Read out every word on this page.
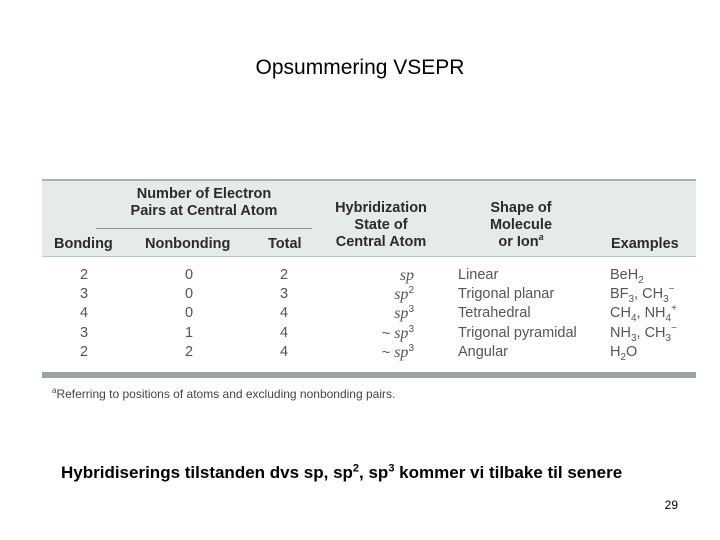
Opsummering VSEPR
Number of Electron
Pairs at Central Atom
Bonding Nonbonding	Total
Hybridization
State of
Central Atom
Shape of
Molecule
or Ion$^a$	Examples
2
3
4
3
2
0
0
0
1
2
2
3
4
4
4
sp
$sp^2$
$sp^3$
~ $sp^3$
~ $sp^3$
Linear
Trigonal planar
Tetrahedral
Trigonal pyramidal
Angular
BeH$_2$
$BF_3$, $CH_3^-$
$CH_4$, $NH_4^+$
$NH_3$, $CH_3^-$
$H_2O$
$^a$Referring to positions of atoms and excluding nonbonding pairs.
Hybridiserings tilstanden dvs sp, $sp^2$, $sp^3$ kommer vi tilbake til senere
29
